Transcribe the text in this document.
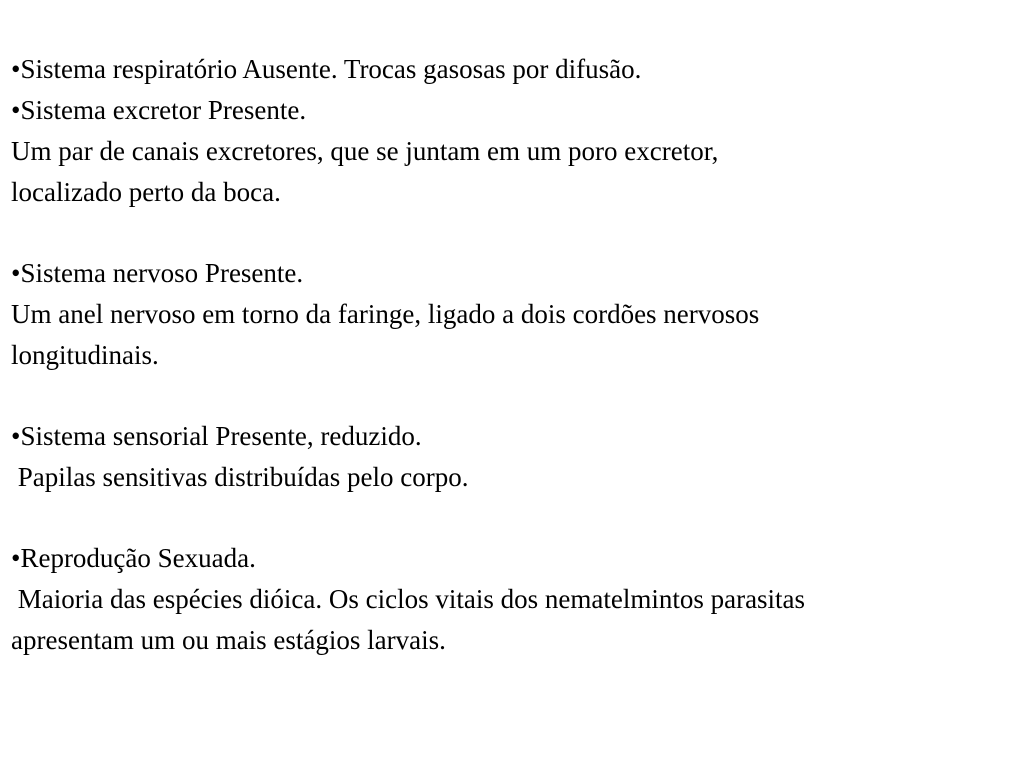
•Sistema respiratório Ausente. Trocas gasosas por difusão.
•Sistema excretor Presente.
Um par de canais excretores, que se juntam em um poro excretor,
localizado perto da boca.
•Sistema nervoso Presente.
Um anel nervoso em torno da faringe, ligado a dois cordões nervosos
longitudinais.
•Sistema sensorial Presente, reduzido.
Papilas sensitivas distribuídas pelo corpo.
•Reprodução Sexuada.
Maioria das espécies dióica. Os ciclos vitais dos nematelmintos parasitas
apresentam um ou mais estágios larvais.
